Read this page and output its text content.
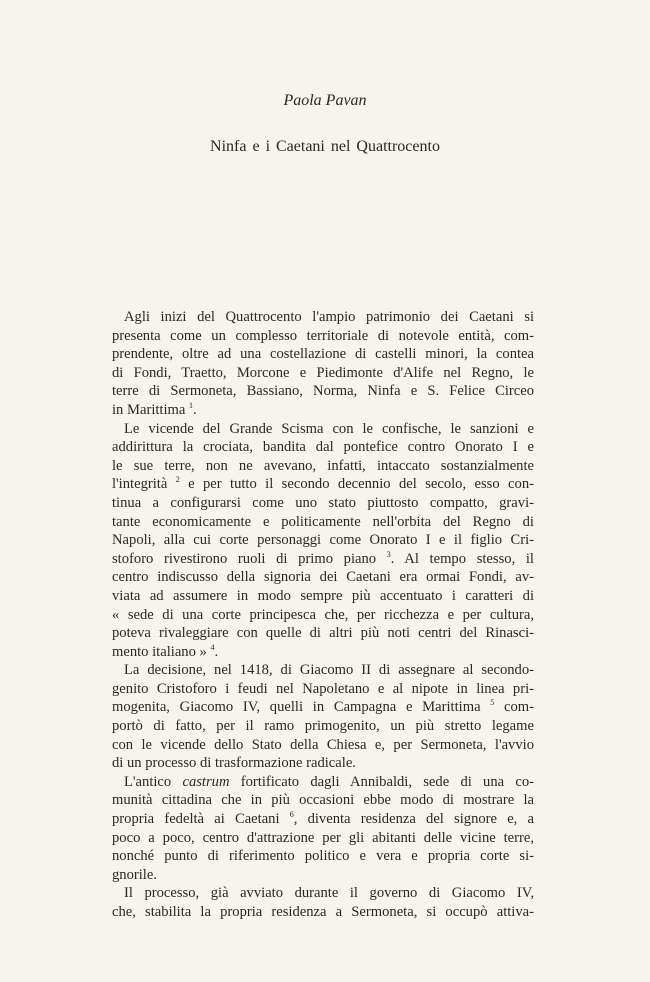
Paola Pavan
Ninfa e i Caetani nel Quattrocento
Agli inizi del Quattrocento l'ampio patrimonio dei Caetani si
presenta come un complesso territoriale di notevole entità, com-
prendente, oltre ad una costellazione di castelli minori, la contea
di Fondi, Traetto, Morcone e Piedimonte d'Alife nel Regno, le
terre di Sermoneta, Bassiano, Norma, Ninfa e S. Felice Circeo
in Marittima $^1$.
Le vicende del Grande Scisma con le confische, le sanzioni e
addirittura la crociata, bandita dal pontefice contro Onorato I e
le sue terre, non ne avevano, infatti, intaccato sostanzialmente
l'integrità $^2$ e per tutto il secondo decennio del secolo, esso con-
tinua a configurarsi come uno stato piuttosto compatto, gravi-
tante economicamente e politicamente nell'orbita del Regno di
Napoli, alla cui corte personaggi come Onorato I e il figlio Cri-
stoforo rivestirono ruoli di primo piano $^3$. Al tempo stesso, il
centro indiscusso della signoria dei Caetani era ormai Fondi, av-
viata ad assumere in modo sempre più accentuato i caratteri di
« sede di una corte principesca che, per ricchezza e per cultura,
poteva rivaleggiare con quelle di altri più noti centri del Rinasci-
mento italiano » $^4$.
La decisione, nel 1418, di Giacomo II di assegnare al secondo-
genito Cristoforo i feudi nel Napoletano e al nipote in linea pri-
mogenita, Giacomo IV, quelli in Campagna e Marittima $^5$ com-
portò di fatto, per il ramo primogenito, un più stretto legame
con le vicende dello Stato della Chiesa e, per Sermoneta, l'avvio
di un processo di trasformazione radicale.
L'antico castrum fortificato dagli Annibaldi, sede di una co-
munità cittadina che in più occasioni ebbe modo di mostrare la
propria fedeltà ai Caetani $^6$, diventa residenza del signore e, a
poco a poco, centro d'attrazione per gli abitanti delle vicine terre,
nonché punto di riferimento politico e vera e propria corte si-
gnorile.
Il processo, già avviato durante il governo di Giacomo IV,
che, stabilita la propria residenza a Sermoneta, si occupò attiva-
